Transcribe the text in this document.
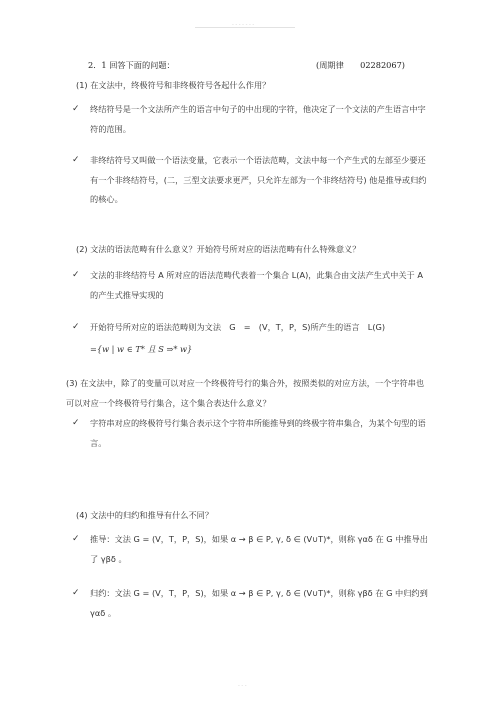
- - - - - - -
2．1 回答下面的问题：	(周期律　　02282067)
(1) 在文法中，终极符号和非终极符号各起什么作用？
✓	终结符号是一个文法所产生的语言中句子的中出现的字符，他决定了一个文法的产生语言中字符的范围。
✓	非终结符号又叫做一个语法变量，它表示一个语法范畴，文法中每一个产生式的左部至少要还有一个非终结符号，(二，三型文法要求更严，只允许左部为一个非终结符号) 他是推导或归约的核心。
(2) 文法的语法范畴有什么意义？开始符号所对应的语法范畴有什么特殊意义？
✓	文法的非终结符号 A 所对应的语法范畴代表着一个集合 L(A)，此集合由文法产生式中关于 A 的产生式推导实现的
✓	开始符号所对应的语法范畴则为文法　G　=　(V，T，P，S)所产生的语言　L(G)
={w | w ∈ T* 且 S ⇒* w}
(3) 在文法中，除了的变量可以对应一个终极符号行的集合外，按照类似的对应方法，一个字符串也可以对应一个终极符号行集合，这个集合表达什么意义？
✓	字符串对应的终极符号行集合表示这个字符串所能推导到的终极字符串集合，为某个句型的语言。
(4) 文法中的归约和推导有什么不同？
✓	推导：文法 G = (V，T，P，S)，如果 α → β ∈ P, γ, δ ∈ (V∪T)*，则称 γαδ 在 G 中推导出了 γβδ 。
✓	归约：文法 G = (V，T，P，S)，如果 α → β ∈ P, γ, δ ∈ (V∪T)*，则称 γβδ 在 G 中归约到 γαδ 。
- - -
